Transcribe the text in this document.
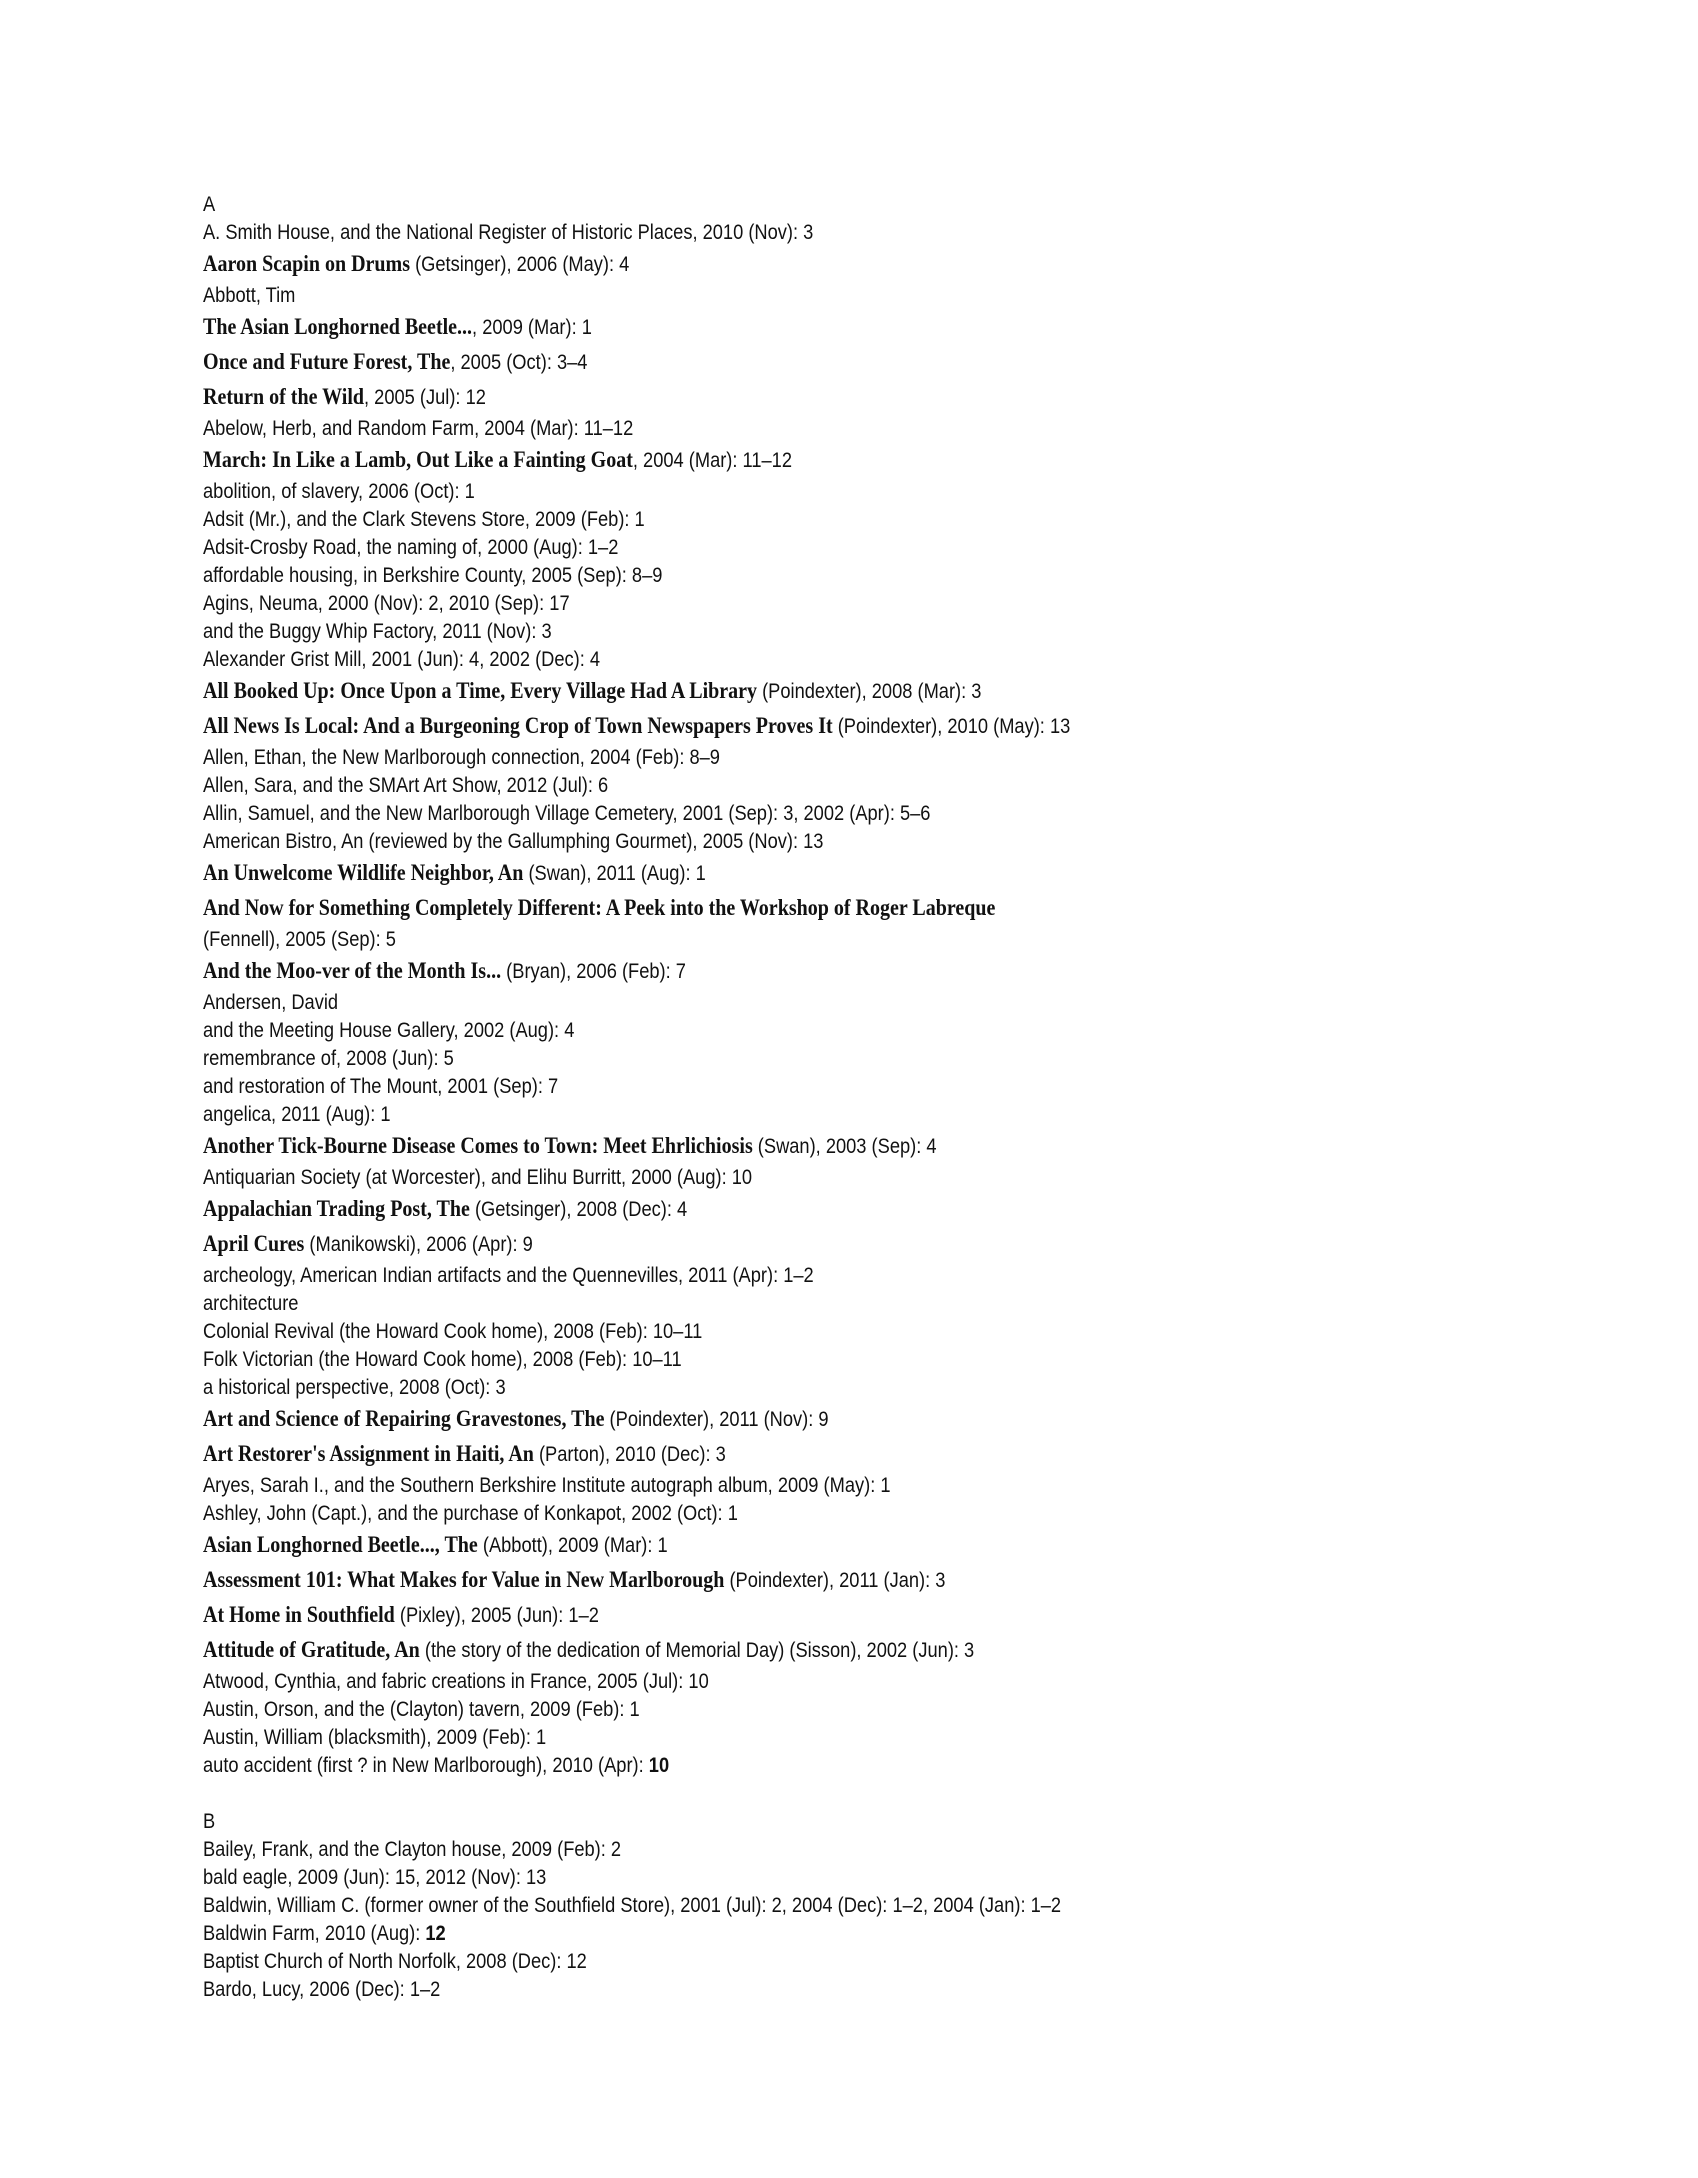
A
A. Smith House, and the National Register of Historic Places, 2010 (Nov): 3
Aaron Scapin on Drums (Getsinger), 2006 (May): 4
Abbott, Tim
The Asian Longhorned Beetle..., 2009 (Mar): 1
Once and Future Forest, The, 2005 (Oct): 3–4
Return of the Wild, 2005 (Jul): 12
Abelow, Herb, and Random Farm, 2004 (Mar): 11–12
March: In Like a Lamb, Out Like a Fainting Goat, 2004 (Mar): 11–12
abolition, of slavery, 2006 (Oct): 1
Adsit (Mr.), and the Clark Stevens Store, 2009 (Feb): 1
Adsit-Crosby Road, the naming of, 2000 (Aug): 1–2
affordable housing, in Berkshire County, 2005 (Sep): 8–9
Agins, Neuma, 2000 (Nov): 2, 2010 (Sep): 17
and the Buggy Whip Factory, 2011 (Nov): 3
Alexander Grist Mill, 2001 (Jun): 4, 2002 (Dec): 4
All Booked Up: Once Upon a Time, Every Village Had A Library (Poindexter), 2008 (Mar): 3
All News Is Local: And a Burgeoning Crop of Town Newspapers Proves It (Poindexter), 2010 (May): 13
Allen, Ethan, the New Marlborough connection, 2004 (Feb): 8–9
Allen, Sara, and the SMArt Art Show, 2012 (Jul): 6
Allin, Samuel, and the New Marlborough Village Cemetery, 2001 (Sep): 3, 2002 (Apr): 5–6
American Bistro, An (reviewed by the Gallumphing Gourmet), 2005 (Nov): 13
An Unwelcome Wildlife Neighbor, An (Swan), 2011 (Aug): 1
And Now for Something Completely Different: A Peek into the Workshop of Roger Labreque
(Fennell), 2005 (Sep): 5
And the Moo-ver of the Month Is... (Bryan), 2006 (Feb): 7
Andersen, David
and the Meeting House Gallery, 2002 (Aug): 4
remembrance of, 2008 (Jun): 5
and restoration of The Mount, 2001 (Sep): 7
angelica, 2011 (Aug): 1
Another Tick-Bourne Disease Comes to Town: Meet Ehrlichiosis (Swan), 2003 (Sep): 4
Antiquarian Society (at Worcester), and Elihu Burritt, 2000 (Aug): 10
Appalachian Trading Post, The (Getsinger), 2008 (Dec): 4
April Cures (Manikowski), 2006 (Apr): 9
archeology, American Indian artifacts and the Quennevilles, 2011 (Apr): 1–2
architecture
Colonial Revival (the Howard Cook home), 2008 (Feb): 10–11
Folk Victorian (the Howard Cook home), 2008 (Feb): 10–11
a historical perspective, 2008 (Oct): 3
Art and Science of Repairing Gravestones, The (Poindexter), 2011 (Nov): 9
Art Restorer's Assignment in Haiti, An (Parton), 2010 (Dec): 3
Aryes, Sarah I., and the Southern Berkshire Institute autograph album, 2009 (May): 1
Ashley, John (Capt.), and the purchase of Konkapot, 2002 (Oct): 1
Asian Longhorned Beetle..., The (Abbott), 2009 (Mar): 1
Assessment 101: What Makes for Value in New Marlborough (Poindexter), 2011 (Jan): 3
At Home in Southfield (Pixley), 2005 (Jun): 1–2
Attitude of Gratitude, An (the story of the dedication of Memorial Day) (Sisson), 2002 (Jun): 3
Atwood, Cynthia, and fabric creations in France, 2005 (Jul): 10
Austin, Orson, and the (Clayton) tavern, 2009 (Feb): 1
Austin, William (blacksmith), 2009 (Feb): 1
auto accident (first ? in New Marlborough), 2010 (Apr): 10
B
Bailey, Frank, and the Clayton house, 2009 (Feb): 2
bald eagle, 2009 (Jun): 15, 2012 (Nov): 13
Baldwin, William C. (former owner of the Southfield Store), 2001 (Jul): 2, 2004 (Dec): 1–2, 2004 (Jan): 1–2
Baldwin Farm, 2010 (Aug): 12
Baptist Church of North Norfolk, 2008 (Dec): 12
Bardo, Lucy, 2006 (Dec): 1–2
